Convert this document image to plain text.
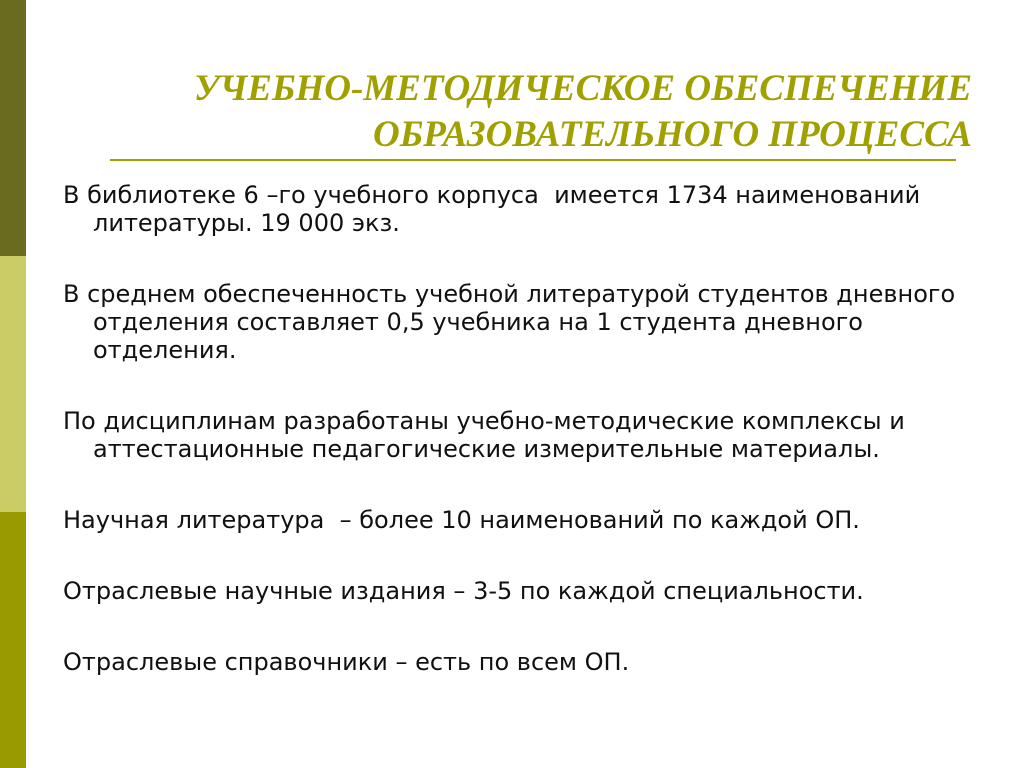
УЧЕБНО-МЕТОДИЧЕСКОЕ ОБЕСПЕЧЕНИЕ
ОБРАЗОВАТЕЛЬНОГО ПРОЦЕССА
В библиотеке 6 –го учебного корпуса  имеется 1734 наименований литературы. 19 000 экз.
В среднем обеспеченность учебной литературой студентов дневного отделения составляет 0,5 учебника на 1 студента дневного отделения.
По дисциплинам разработаны учебно-методические комплексы и аттестационные педагогические измерительные материалы.
Научная литература  – более 10 наименований по каждой ОП.
Отраслевые научные издания – 3-5 по каждой специальности.
Отраслевые справочники – есть по всем ОП.
